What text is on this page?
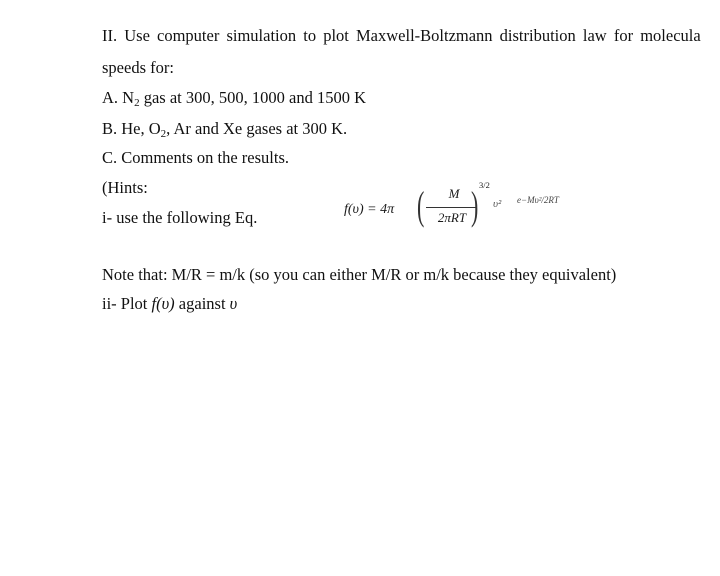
II. Use computer simulation to plot Maxwell-Boltzmann distribution law for molecula
speeds for:
A. $N_2$ gas at 300, 500, 1000 and 1500 K
B. He, $O_2$, Ar and Xe gases at 300 K.
C. Comments on the results.
(Hints:
i- use the following Eq.	f(υ) = 4π (	M
2πRT ) 3/2
υ² e−Mυ²/2RT
Note that: M/R = m/k (so you can either M/R or m/k because they equivalent)
ii- Plot f(υ) against υ
